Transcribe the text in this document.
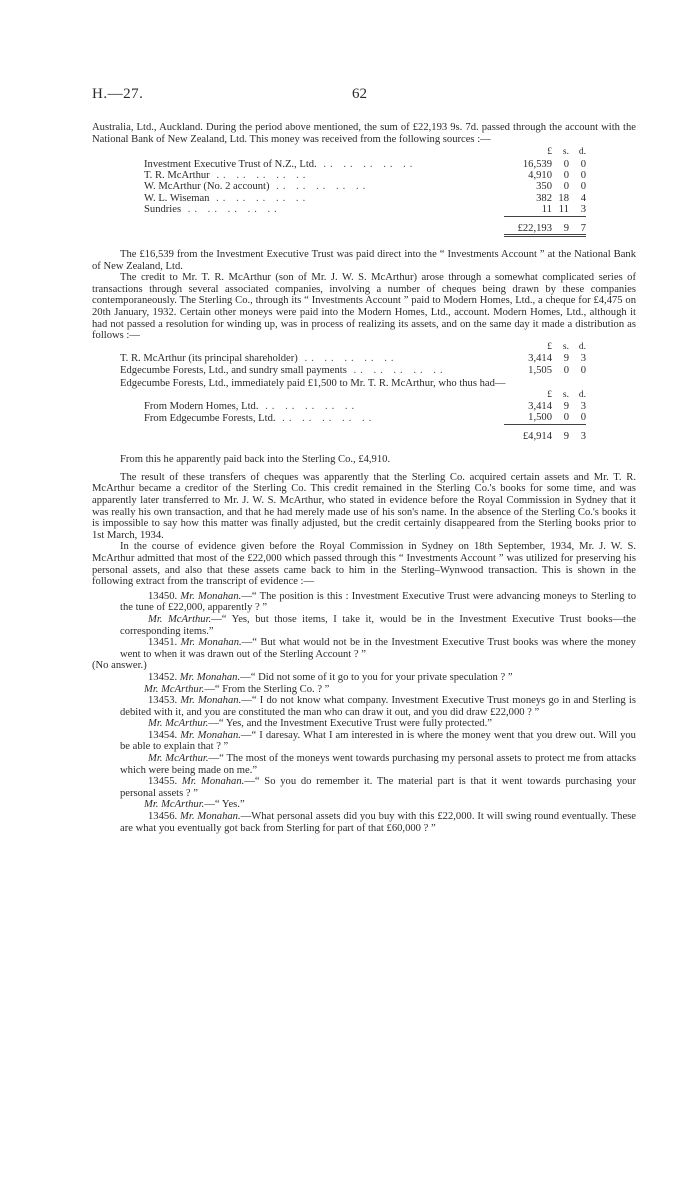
H.—27.	62

Australia, Ltd., Auckland. During the period above mentioned, the sum of £22,193 9s. 7d. passed through the account with the National Bank of New Zealand, Ltd. This money was received from the following sources :—

	£	s.	d.
Investment Executive Trust of N.Z., Ltd. .. .. .. .. ..	16,539	0	0
T. R. McArthur .. .. .. .. ..	4,910	0	0
W. McArthur (No. 2 account) .. .. .. .. ..	350	0	0
W. L. Wiseman .. .. .. .. ..	382	18	4
Sundries .. .. .. .. ..	11	11	3

	£22,193	9	7

The £16,539 from the Investment Executive Trust was paid direct into the “ Investments Account ” at the National Bank of New Zealand, Ltd.

The credit to Mr. T. R. McArthur (son of Mr. J. W. S. McArthur) arose through a somewhat complicated series of transactions through several associated companies, involving a number of cheques being drawn by these companies contemporaneously. The Sterling Co., through its “ Investments Account ” paid to Modern Homes, Ltd., a cheque for £4,475 on 20th January, 1932. Certain other moneys were paid into the Modern Homes, Ltd., account. Modern Homes, Ltd., although it had not passed a resolution for winding up, was in process of realizing its assets, and on the same day it made a distribution as follows :—

	£	s.	d.
T. R. McArthur (its principal shareholder) .. .. .. .. ..	3,414	9	3
Edgecumbe Forests, Ltd., and sundry small payments .. .. .. .. ..	1,505	0	0

Edgecumbe Forests, Ltd., immediately paid £1,500 to Mr. T. R. McArthur, who thus had—

	£	s.	d.
From Modern Homes, Ltd. .. .. .. .. ..	3,414	9	3
From Edgecumbe Forests, Ltd. .. .. .. .. ..	1,500	0	0

	£4,914	9	3

From this he apparently paid back into the Sterling Co., £4,910.

The result of these transfers of cheques was apparently that the Sterling Co. acquired certain assets and Mr. T. R. McArthur became a creditor of the Sterling Co. This credit remained in the Sterling Co.'s books for some time, and was apparently later transferred to Mr. J. W. S. McArthur, who stated in evidence before the Royal Commission in Sydney that it was really his own transaction, and that he had merely made use of his son's name. In the absence of the Sterling Co.'s books it is impossible to say how this matter was finally adjusted, but the credit certainly disappeared from the Sterling books prior to 1st March, 1934.

In the course of evidence given before the Royal Commission in Sydney on 18th September, 1934, Mr. J. W. S. McArthur admitted that most of the £22,000 which passed through this “ Investments Account ” was utilized for preserving his personal assets, and also that these assets came back to him in the Sterling–Wynwood transaction. This is shown in the following extract from the transcript of evidence :—

13450. Mr. Monahan.—“ The position is this : Investment Executive Trust were advancing moneys to Sterling to the tune of £22,000, apparently ? ”

Mr. McArthur.—“ Yes, but those items, I take it, would be in the Investment Executive Trust books—the corresponding items.”

13451. Mr. Monahan.—“ But what would not be in the Investment Executive Trust books was where the money went to when it was drawn out of the Sterling Account ? ”

(No answer.)

13452. Mr. Monahan.—“ Did not some of it go to you for your private speculation ? ”

Mr. McArthur.—“ From the Sterling Co. ? ”

13453. Mr. Monahan.—“ I do not know what company. Investment Executive Trust moneys go in and Sterling is debited with it, and you are constituted the man who can draw it out, and you did draw £22,000 ? ”

Mr. McArthur.—“ Yes, and the Investment Executive Trust were fully protected.”

13454. Mr. Monahan.—“ I daresay. What I am interested in is where the money went that you drew out. Will you be able to explain that ? ”

Mr. McArthur.—“ The most of the moneys went towards purchasing my personal assets to protect me from attacks which were being made on me.”

13455. Mr. Monahan.—“ So you do remember it. The material part is that it went towards purchasing your personal assets ? ”

Mr. McArthur.—“ Yes.”

13456. Mr. Monahan.—What personal assets did you buy with this £22,000. It will swing round eventually. These are what you eventually got back from Sterling for part of that £60,000 ? ”
